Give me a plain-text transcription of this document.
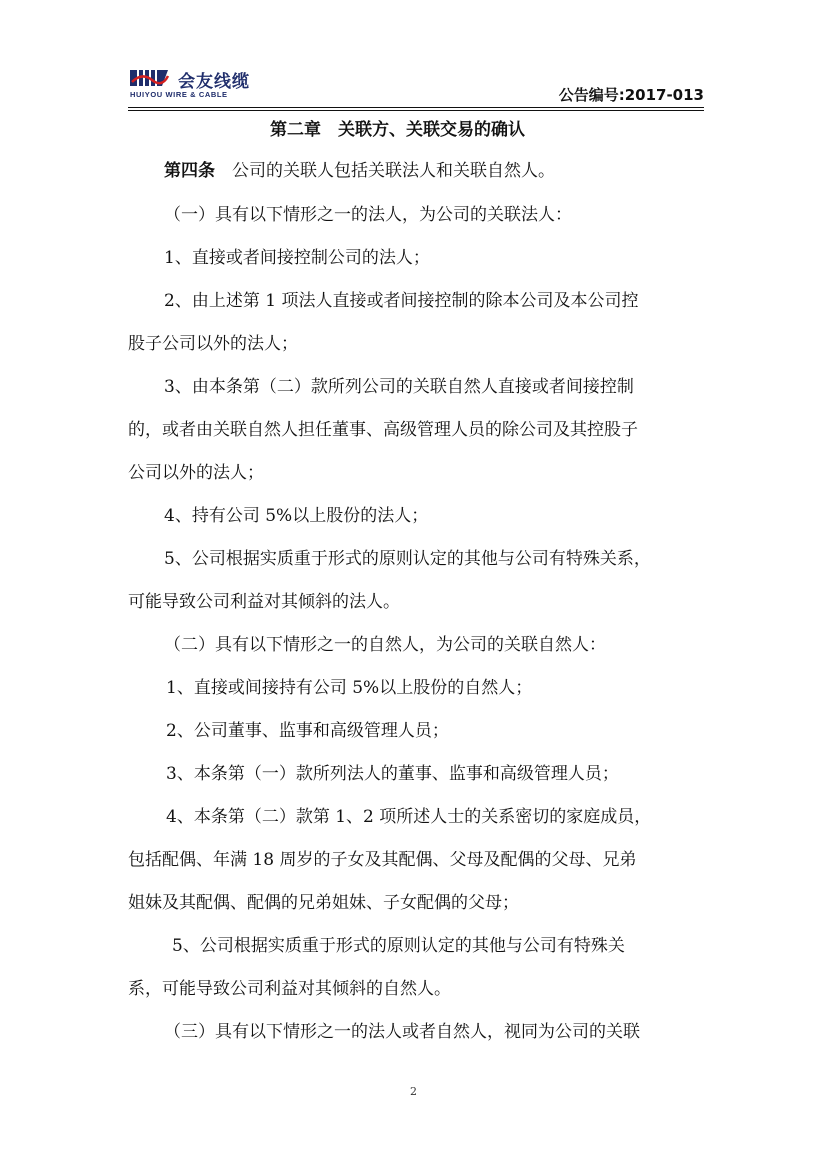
会友线缆
HUIYOU WIRE & CABLE	公告编号:2017-013
第二章　关联方、关联交易的确认
第四条　 公司的关联人包括关联法人和关联自然人。
（一）具有以下情形之一的法人，为公司的关联法人：
1、直接或者间接控制公司的法人；
2、由上述第 1 项法人直接或者间接控制的除本公司及本公司控
股子公司以外的法人；
3、由本条第（二）款所列公司的关联自然人直接或者间接控制
的，或者由关联自然人担任董事、高级管理人员的除公司及其控股子
公司以外的法人；
4、持有公司 5%以上股份的法人；
5、公司根据实质重于形式的原则认定的其他与公司有特殊关系，
可能导致公司利益对其倾斜的法人。
（二）具有以下情形之一的自然人，为公司的关联自然人：
1、直接或间接持有公司 5%以上股份的自然人；
2、公司董事、监事和高级管理人员；
3、本条第（一）款所列法人的董事、监事和高级管理人员；
4、本条第（二）款第 1、2 项所述人士的关系密切的家庭成员，
包括配偶、年满 18 周岁的子女及其配偶、父母及配偶的父母、兄弟
姐妹及其配偶、配偶的兄弟姐妹、子女配偶的父母；
5、公司根据实质重于形式的原则认定的其他与公司有特殊关
系，可能导致公司利益对其倾斜的自然人。
（三）具有以下情形之一的法人或者自然人，视同为公司的关联
2
